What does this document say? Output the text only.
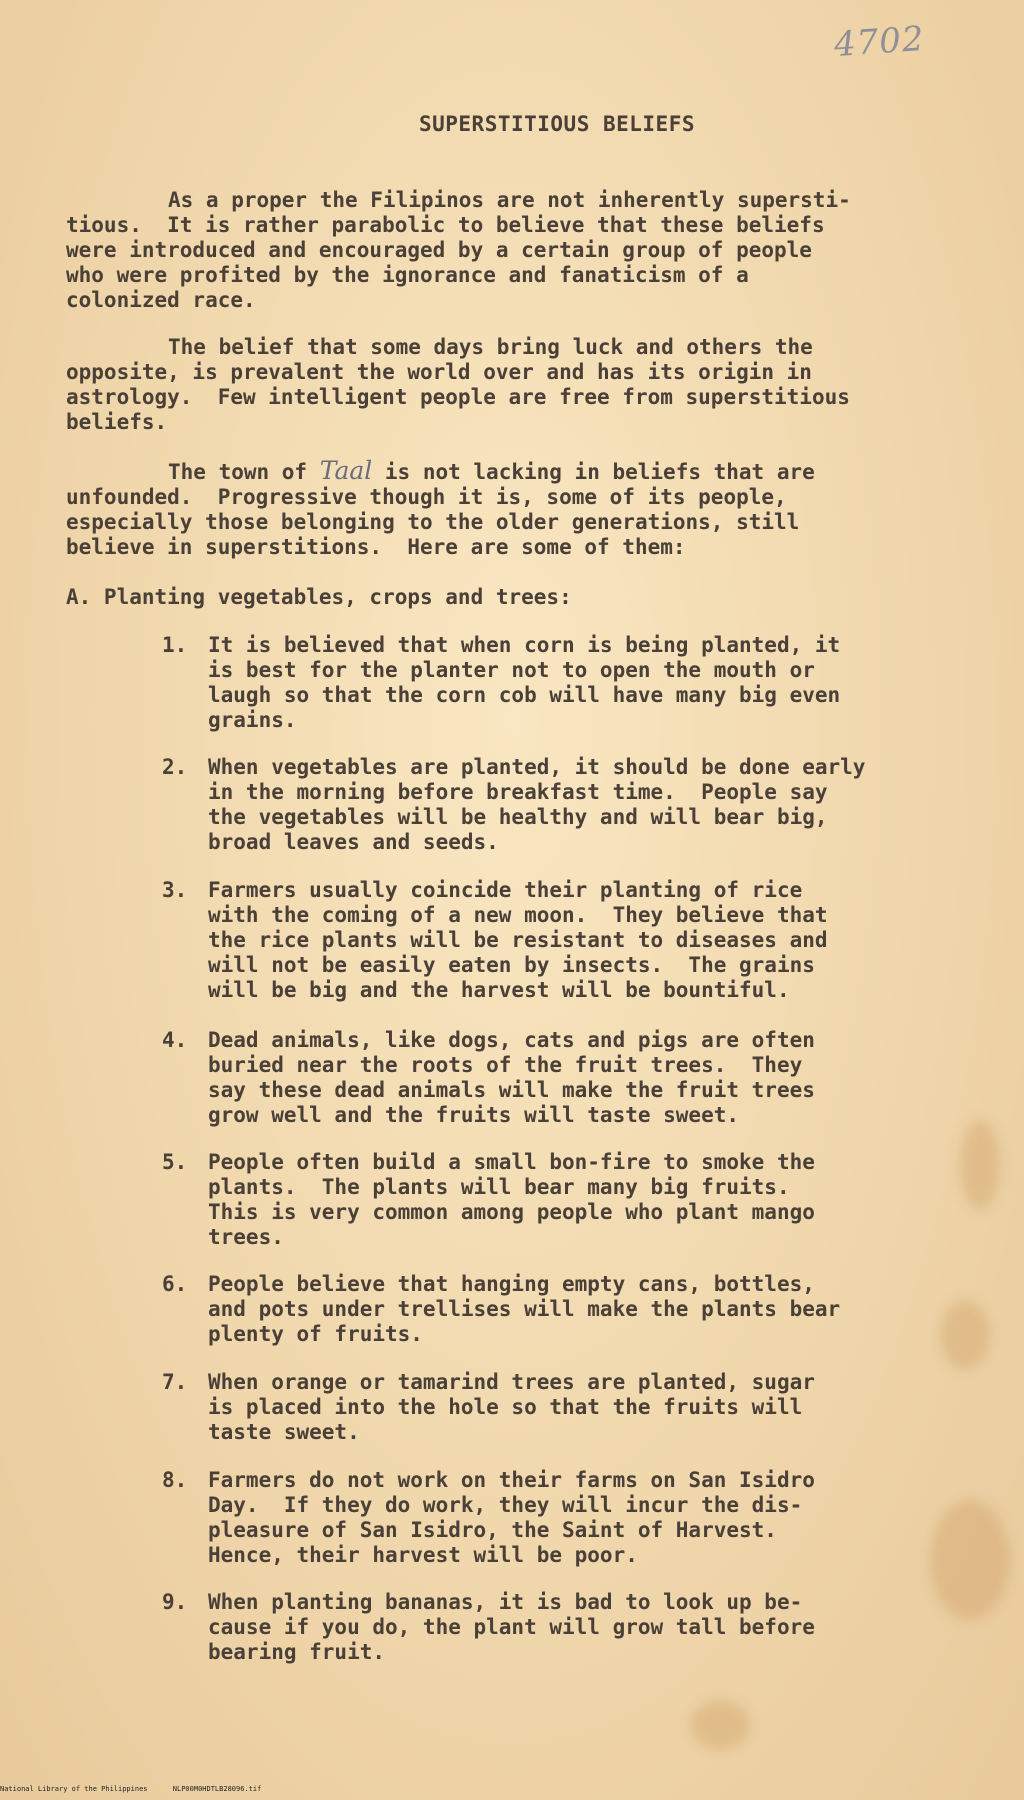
4702
SUPERSTITIOUS BELIEFS

As a proper the Filipinos are not inherently supersti-
tious.  It is rather parabolic to believe that these beliefs
were introduced and encouraged by a certain group of people
who were profited by the ignorance and fanaticism of a
colonized race.

The belief that some days bring luck and others the
opposite, is prevalent the world over and has its origin in
astrology.  Few intelligent people are free from superstitious
beliefs.

The town of Taal is not lacking in beliefs that are
unfounded.  Progressive though it is, some of its people,
especially those belonging to the older generations, still
believe in superstitions.  Here are some of them:

A. Planting vegetables, crops and trees:
1. It is believed that when corn is being planted, it
is best for the planter not to open the mouth or
laugh so that the corn cob will have many big even
grains.
2. When vegetables are planted, it should be done early
in the morning before breakfast time.  People say
the vegetables will be healthy and will bear big,
broad leaves and seeds.
3. Farmers usually coincide their planting of rice
with the coming of a new moon.  They believe that
the rice plants will be resistant to diseases and
will not be easily eaten by insects.  The grains
will be big and the harvest will be bountiful.
4. Dead animals, like dogs, cats and pigs are often
buried near the roots of the fruit trees.  They
say these dead animals will make the fruit trees
grow well and the fruits will taste sweet.
5. People often build a small bon-fire to smoke the
plants.  The plants will bear many big fruits.
This is very common among people who plant mango
trees.
6. People believe that hanging empty cans, bottles,
and pots under trellises will make the plants bear
plenty of fruits.
7. When orange or tamarind trees are planted, sugar
is placed into the hole so that the fruits will
taste sweet.
8. Farmers do not work on their farms on San Isidro
Day.  If they do work, they will incur the dis-
pleasure of San Isidro, the Saint of Harvest.
Hence, their harvest will be poor.
9. When planting bananas, it is bad to look up be-
cause if you do, the plant will grow tall before
bearing fruit.
National Library of the Philippines      NLP00M0HDTLB28096.tif
